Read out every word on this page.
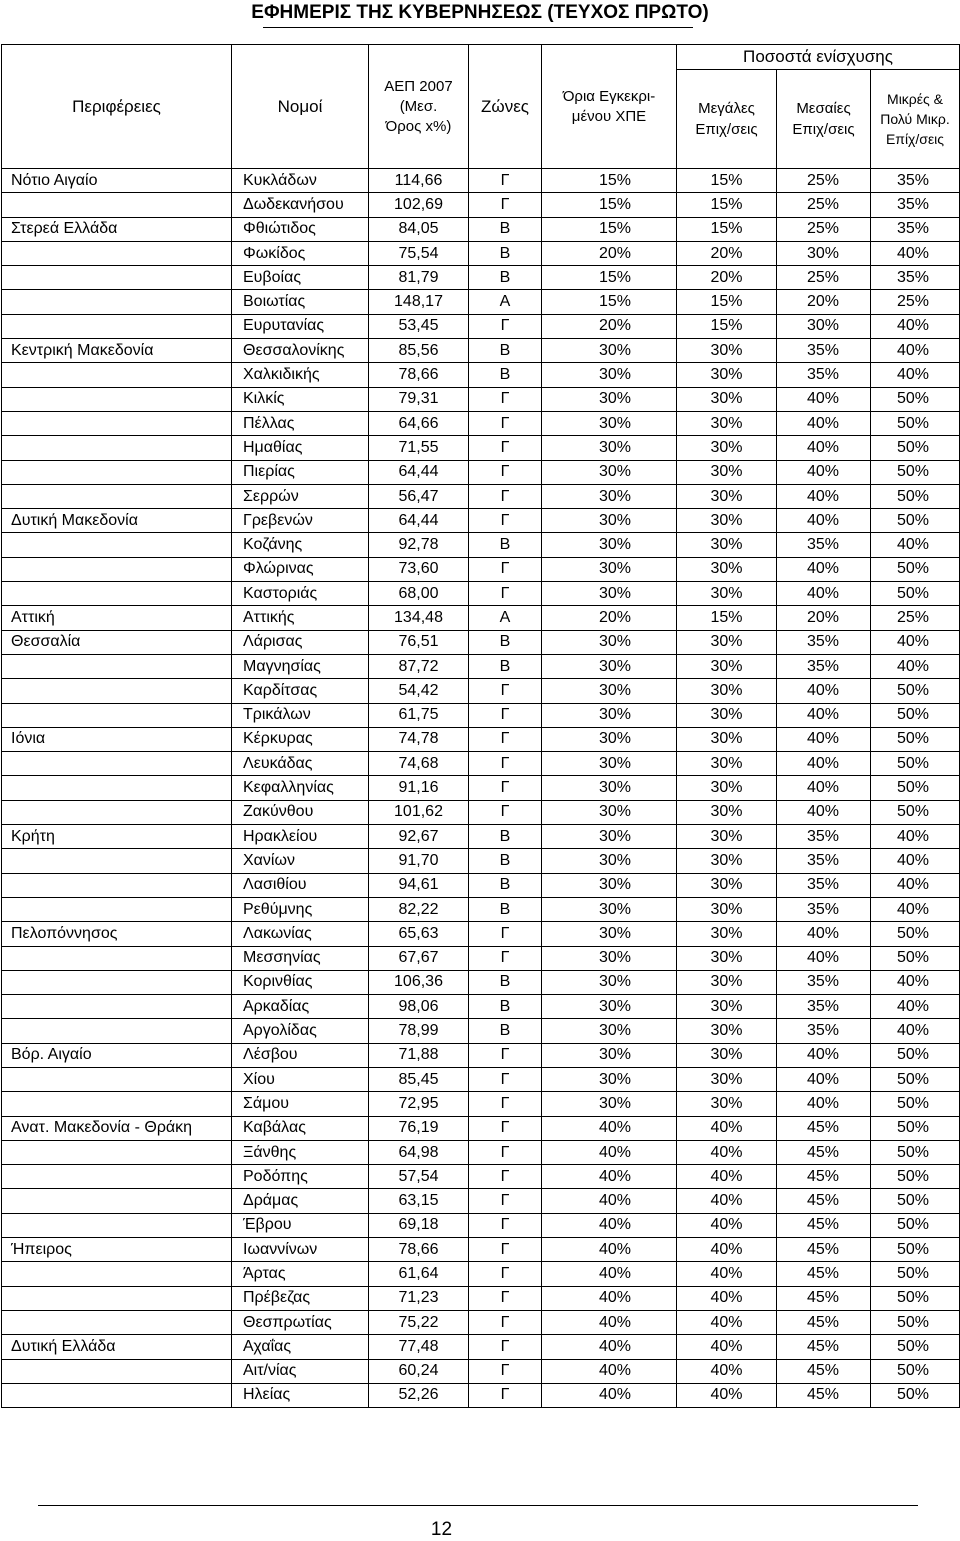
ΕΦΗΜΕΡΙΣ ΤΗΣ ΚΥΒΕΡΝΗΣΕΩΣ (ΤΕΥΧΟΣ ΠΡΩΤΟ)
Περιφέρειες	Νομοί	ΑΕΠ 2007 (Μεσ. Όρος x%)	Ζώνες	Όρια Εγκεκρι- μένου ΧΠΕ	Ποσοστά ενίσχυσης		
					Μεγάλες Επιχ/σεις	Μεσαίες Επιχ/σεις	Μικρές & Πολύ Μικρ. Επίχ/σεις
Νότιο Αιγαίο	Κυκλάδων	114,66	Γ	15%	15%	25%	35%
	Δωδεκανήσου	102,69	Γ	15%	15%	25%	35%
Στερεά Ελλάδα	Φθιώτιδος	84,05	Β	15%	15%	25%	35%
	Φωκίδος	75,54	Β	20%	20%	30%	40%
	Ευβοίας	81,79	Β	15%	20%	25%	35%
	Βοιωτίας	148,17	Α	15%	15%	20%	25%
	Ευρυτανίας	53,45	Γ	20%	15%	30%	40%
Κεντρική Μακεδονία	Θεσσαλονίκης	85,56	Β	30%	30%	35%	40%
	Χαλκιδικής	78,66	Β	30%	30%	35%	40%
	Κιλκίς	79,31	Γ	30%	30%	40%	50%
	Πέλλας	64,66	Γ	30%	30%	40%	50%
	Ημαθίας	71,55	Γ	30%	30%	40%	50%
	Πιερίας	64,44	Γ	30%	30%	40%	50%
	Σερρών	56,47	Γ	30%	30%	40%	50%
Δυτική Μακεδονία	Γρεβενών	64,44	Γ	30%	30%	40%	50%
	Κοζάνης	92,78	Β	30%	30%	35%	40%
	Φλώρινας	73,60	Γ	30%	30%	40%	50%
	Καστοριάς	68,00	Γ	30%	30%	40%	50%
Αττική	Αττικής	134,48	Α	20%	15%	20%	25%
Θεσσαλία	Λάρισας	76,51	Β	30%	30%	35%	40%
	Μαγνησίας	87,72	Β	30%	30%	35%	40%
	Καρδίτσας	54,42	Γ	30%	30%	40%	50%
	Τρικάλων	61,75	Γ	30%	30%	40%	50%
Ιόνια	Κέρκυρας	74,78	Γ	30%	30%	40%	50%
	Λευκάδας	74,68	Γ	30%	30%	40%	50%
	Κεφαλληνίας	91,16	Γ	30%	30%	40%	50%
	Ζακύνθου	101,62	Γ	30%	30%	40%	50%
Κρήτη	Ηρακλείου	92,67	Β	30%	30%	35%	40%
	Χανίων	91,70	Β	30%	30%	35%	40%
	Λασιθίου	94,61	Β	30%	30%	35%	40%
	Ρεθύμνης	82,22	Β	30%	30%	35%	40%
Πελοπόννησος	Λακωνίας	65,63	Γ	30%	30%	40%	50%
	Μεσσηνίας	67,67	Γ	30%	30%	40%	50%
	Κορινθίας	106,36	Β	30%	30%	35%	40%
	Αρκαδίας	98,06	Β	30%	30%	35%	40%
	Αργολίδας	78,99	Β	30%	30%	35%	40%
Βόρ. Αιγαίο	Λέσβου	71,88	Γ	30%	30%	40%	50%
	Χίου	85,45	Γ	30%	30%	40%	50%
	Σάμου	72,95	Γ	30%	30%	40%	50%
Ανατ. Μακεδονία - Θράκη	Καβάλας	76,19	Γ	40%	40%	45%	50%
	Ξάνθης	64,98	Γ	40%	40%	45%	50%
	Ροδόπης	57,54	Γ	40%	40%	45%	50%
	Δράμας	63,15	Γ	40%	40%	45%	50%
	Έβρου	69,18	Γ	40%	40%	45%	50%
Ήπειρος	Ιωαννίνων	78,66	Γ	40%	40%	45%	50%
	Άρτας	61,64	Γ	40%	40%	45%	50%
	Πρέβεζας	71,23	Γ	40%	40%	45%	50%
	Θεσπρωτίας	75,22	Γ	40%	40%	45%	50%
Δυτική Ελλάδα	Αχαΐας	77,48	Γ	40%	40%	45%	50%
	Αιτ/νίας	60,24	Γ	40%	40%	45%	50%
	Ηλείας	52,26	Γ	40%	40%	45%	50%
12
